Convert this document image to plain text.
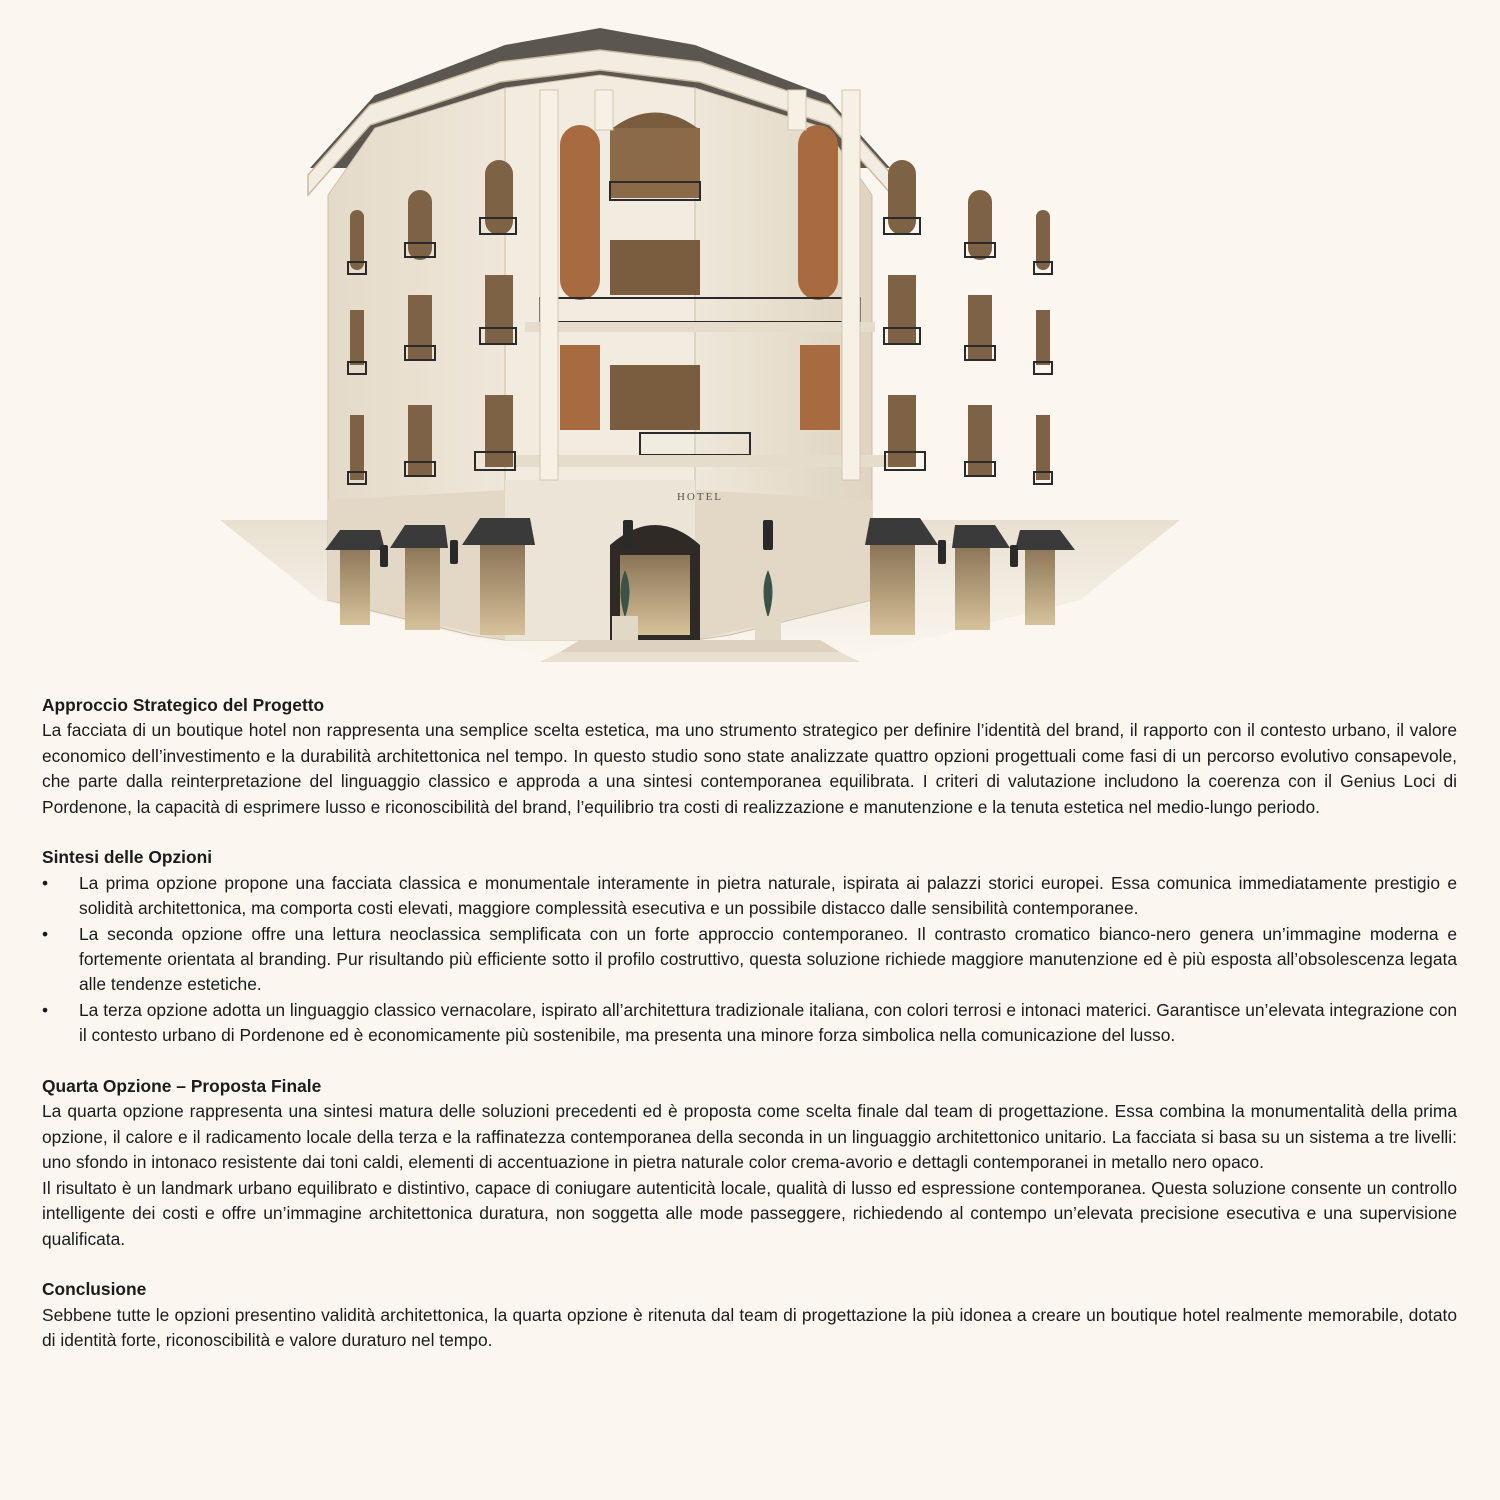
HOTEL
Approccio Strategico del Progetto

La facciata di un boutique hotel non rappresenta una semplice scelta estetica, ma uno strumento strategico per definire l’identità del brand, il rapporto con il contesto urbano, il valore economico dell’investimento e la durabilità architettonica nel tempo. In questo studio sono state analizzate quattro opzioni progettuali come fasi di un percorso evolutivo consapevole, che parte dalla reinterpretazione del linguaggio classico e approda a una sintesi contemporanea equilibrata. I criteri di valutazione includono la coerenza con il Genius Loci di Pordenone, la capacità di esprimere lusso e riconoscibilità del brand, l’equilibrio tra costi di realizzazione e manutenzione e la tenuta estetica nel medio-lungo periodo.

Sintesi delle Opzioni
• La prima opzione propone una facciata classica e monumentale interamente in pietra naturale, ispirata ai palazzi storici europei. Essa comunica immediatamente prestigio e solidità architettonica, ma comporta costi elevati, maggiore complessità esecutiva e un possibile distacco dalle sensibilità contemporanee.
• La seconda opzione offre una lettura neoclassica semplificata con un forte approccio contemporaneo. Il contrasto cromatico bianco-nero genera un’immagine moderna e fortemente orientata al branding. Pur risultando più efficiente sotto il profilo costruttivo, questa soluzione richiede maggiore manutenzione ed è più esposta all’obsolescenza legata alle tendenze estetiche.
• La terza opzione adotta un linguaggio classico vernacolare, ispirato all’architettura tradizionale italiana, con colori terrosi e intonaci materici. Garantisce un’elevata integrazione con il contesto urbano di Pordenone ed è economicamente più sostenibile, ma presenta una minore forza simbolica nella comunicazione del lusso.
Quarta Opzione – Proposta Finale

La quarta opzione rappresenta una sintesi matura delle soluzioni precedenti ed è proposta come scelta finale dal team di progettazione. Essa combina la monumentalità della prima opzione, il calore e il radicamento locale della terza e la raffinatezza contemporanea della seconda in un linguaggio architettonico unitario. La facciata si basa su un sistema a tre livelli: uno sfondo in intonaco resistente dai toni caldi, elementi di accentuazione in pietra naturale color crema-avorio e dettagli contemporanei in metallo nero opaco.

Il risultato è un landmark urbano equilibrato e distintivo, capace di coniugare autenticità locale, qualità di lusso ed espressione contemporanea. Questa soluzione consente un controllo intelligente dei costi e offre un’immagine architettonica duratura, non soggetta alle mode passeggere, richiedendo al contempo un’elevata precisione esecutiva e una supervisione qualificata.

Conclusione

Sebbene tutte le opzioni presentino validità architettonica, la quarta opzione è ritenuta dal team di progettazione la più idonea a creare un boutique hotel realmente memorabile, dotato di identità forte, riconoscibilità e valore duraturo nel tempo.
